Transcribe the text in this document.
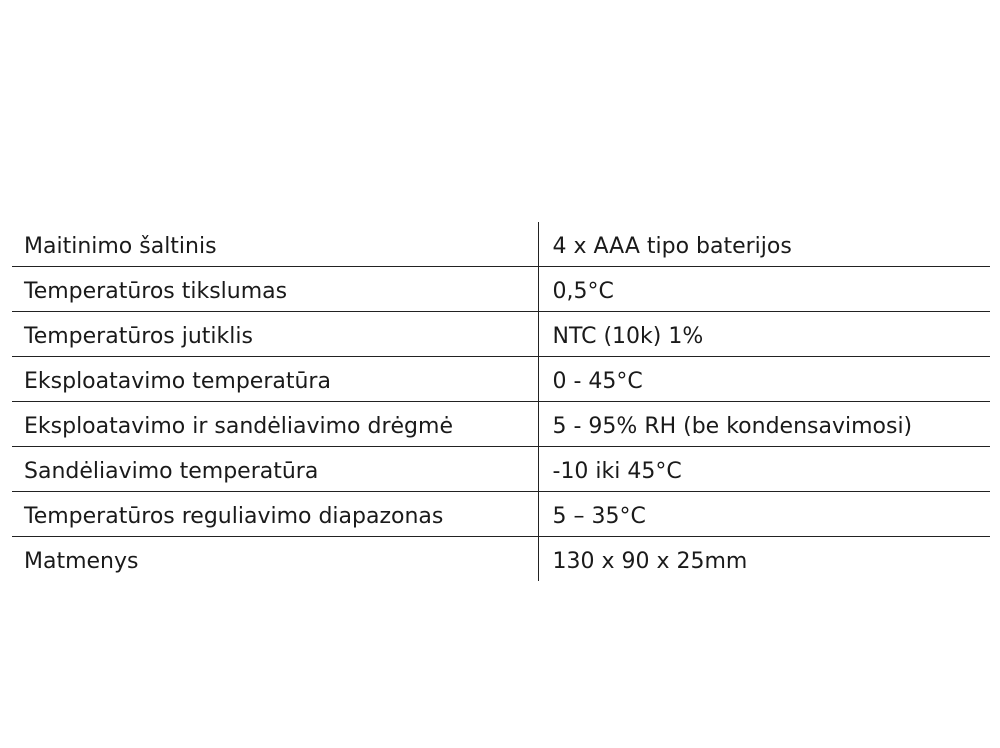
Maitinimo šaltinis	4 x AAA tipo baterijos
Temperatūros tikslumas	0,5°C
Temperatūros jutiklis	NTC (10k) 1%
Eksploatavimo temperatūra	0 - 45°C
Eksploatavimo ir sandėliavimo drėgmė	5 - 95% RH (be kondensavimosi)
Sandėliavimo temperatūra	-10 iki 45°C
Temperatūros reguliavimo diapazonas	5 – 35°C
Matmenys	130 x 90 x 25mm
